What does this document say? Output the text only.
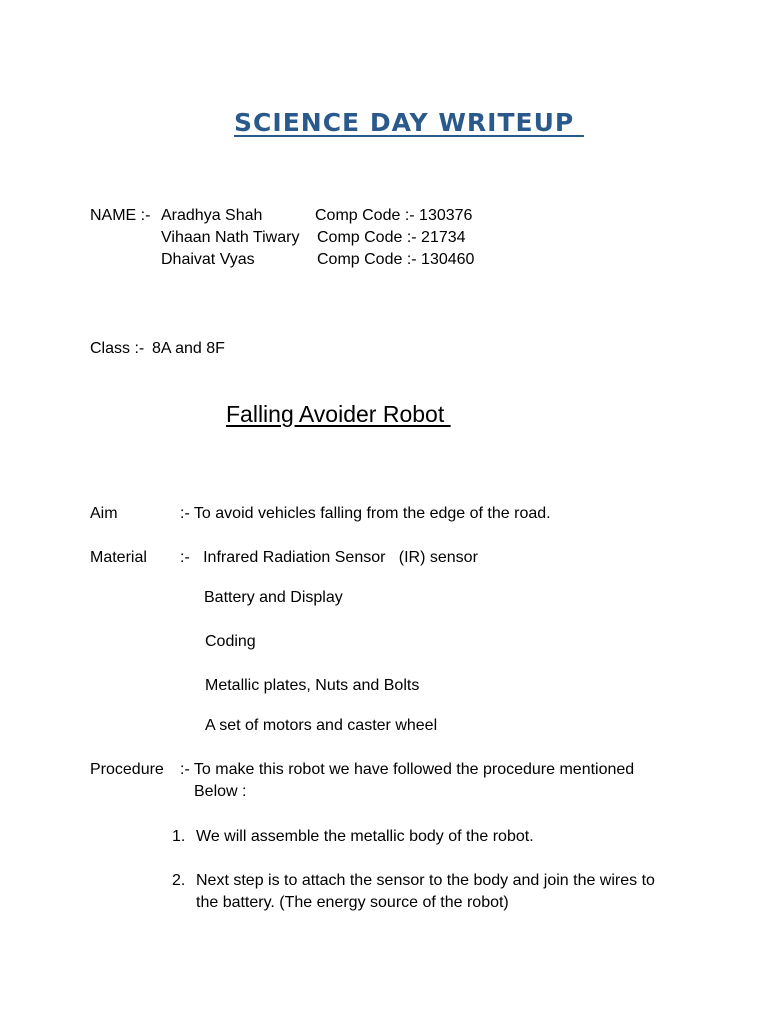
SCIENCE DAY WRITEUP
NAME :- Aradhya Shah	Comp Code :- 130376
Vihaan Nath Tiwary Comp Code :- 21734
Dhaivat Vyas	Comp Code :- 130460
Class :- 8A and 8F
Falling Avoider Robot
Aim	:- To avoid vehicles falling from the edge of the road.
Material :-   Infrared Radiation Sensor   (IR) sensor
Battery and Display
Coding
Metallic plates, Nuts and Bolts
A set of motors and caster wheel
Procedure :- To make this robot we have followed the procedure mentioned
Below :
1. We will assemble the metallic body of the robot.
2. Next step is to attach the sensor to the body and join the wires to
the battery. (The energy source of the robot)
